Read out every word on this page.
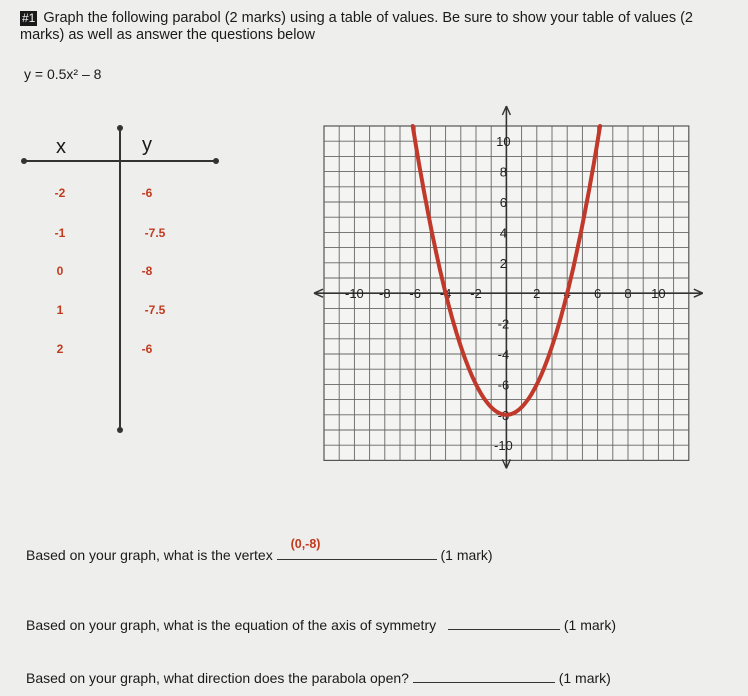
#1 Graph the following parabol (2 marks) using a table of values. Be sure to show your table of values (2 marks) as well as answer the questions below
y = 0.5x² – 8
x	y
-2	-6
-1	-7.5
0	-8
1	-7.5
2	-6
-10 -8 -6 -4 -2	2 4 6 8 10
10
8
6
4
2
-2
-4
-6
-8
-10
Based on your graph, what is the vertex
(0,-8)
(1 mark)
Based on your graph, what is the equation of the axis of symmetry	(1 mark)
Based on your graph, what direction does the parabola open?	(1 mark)
